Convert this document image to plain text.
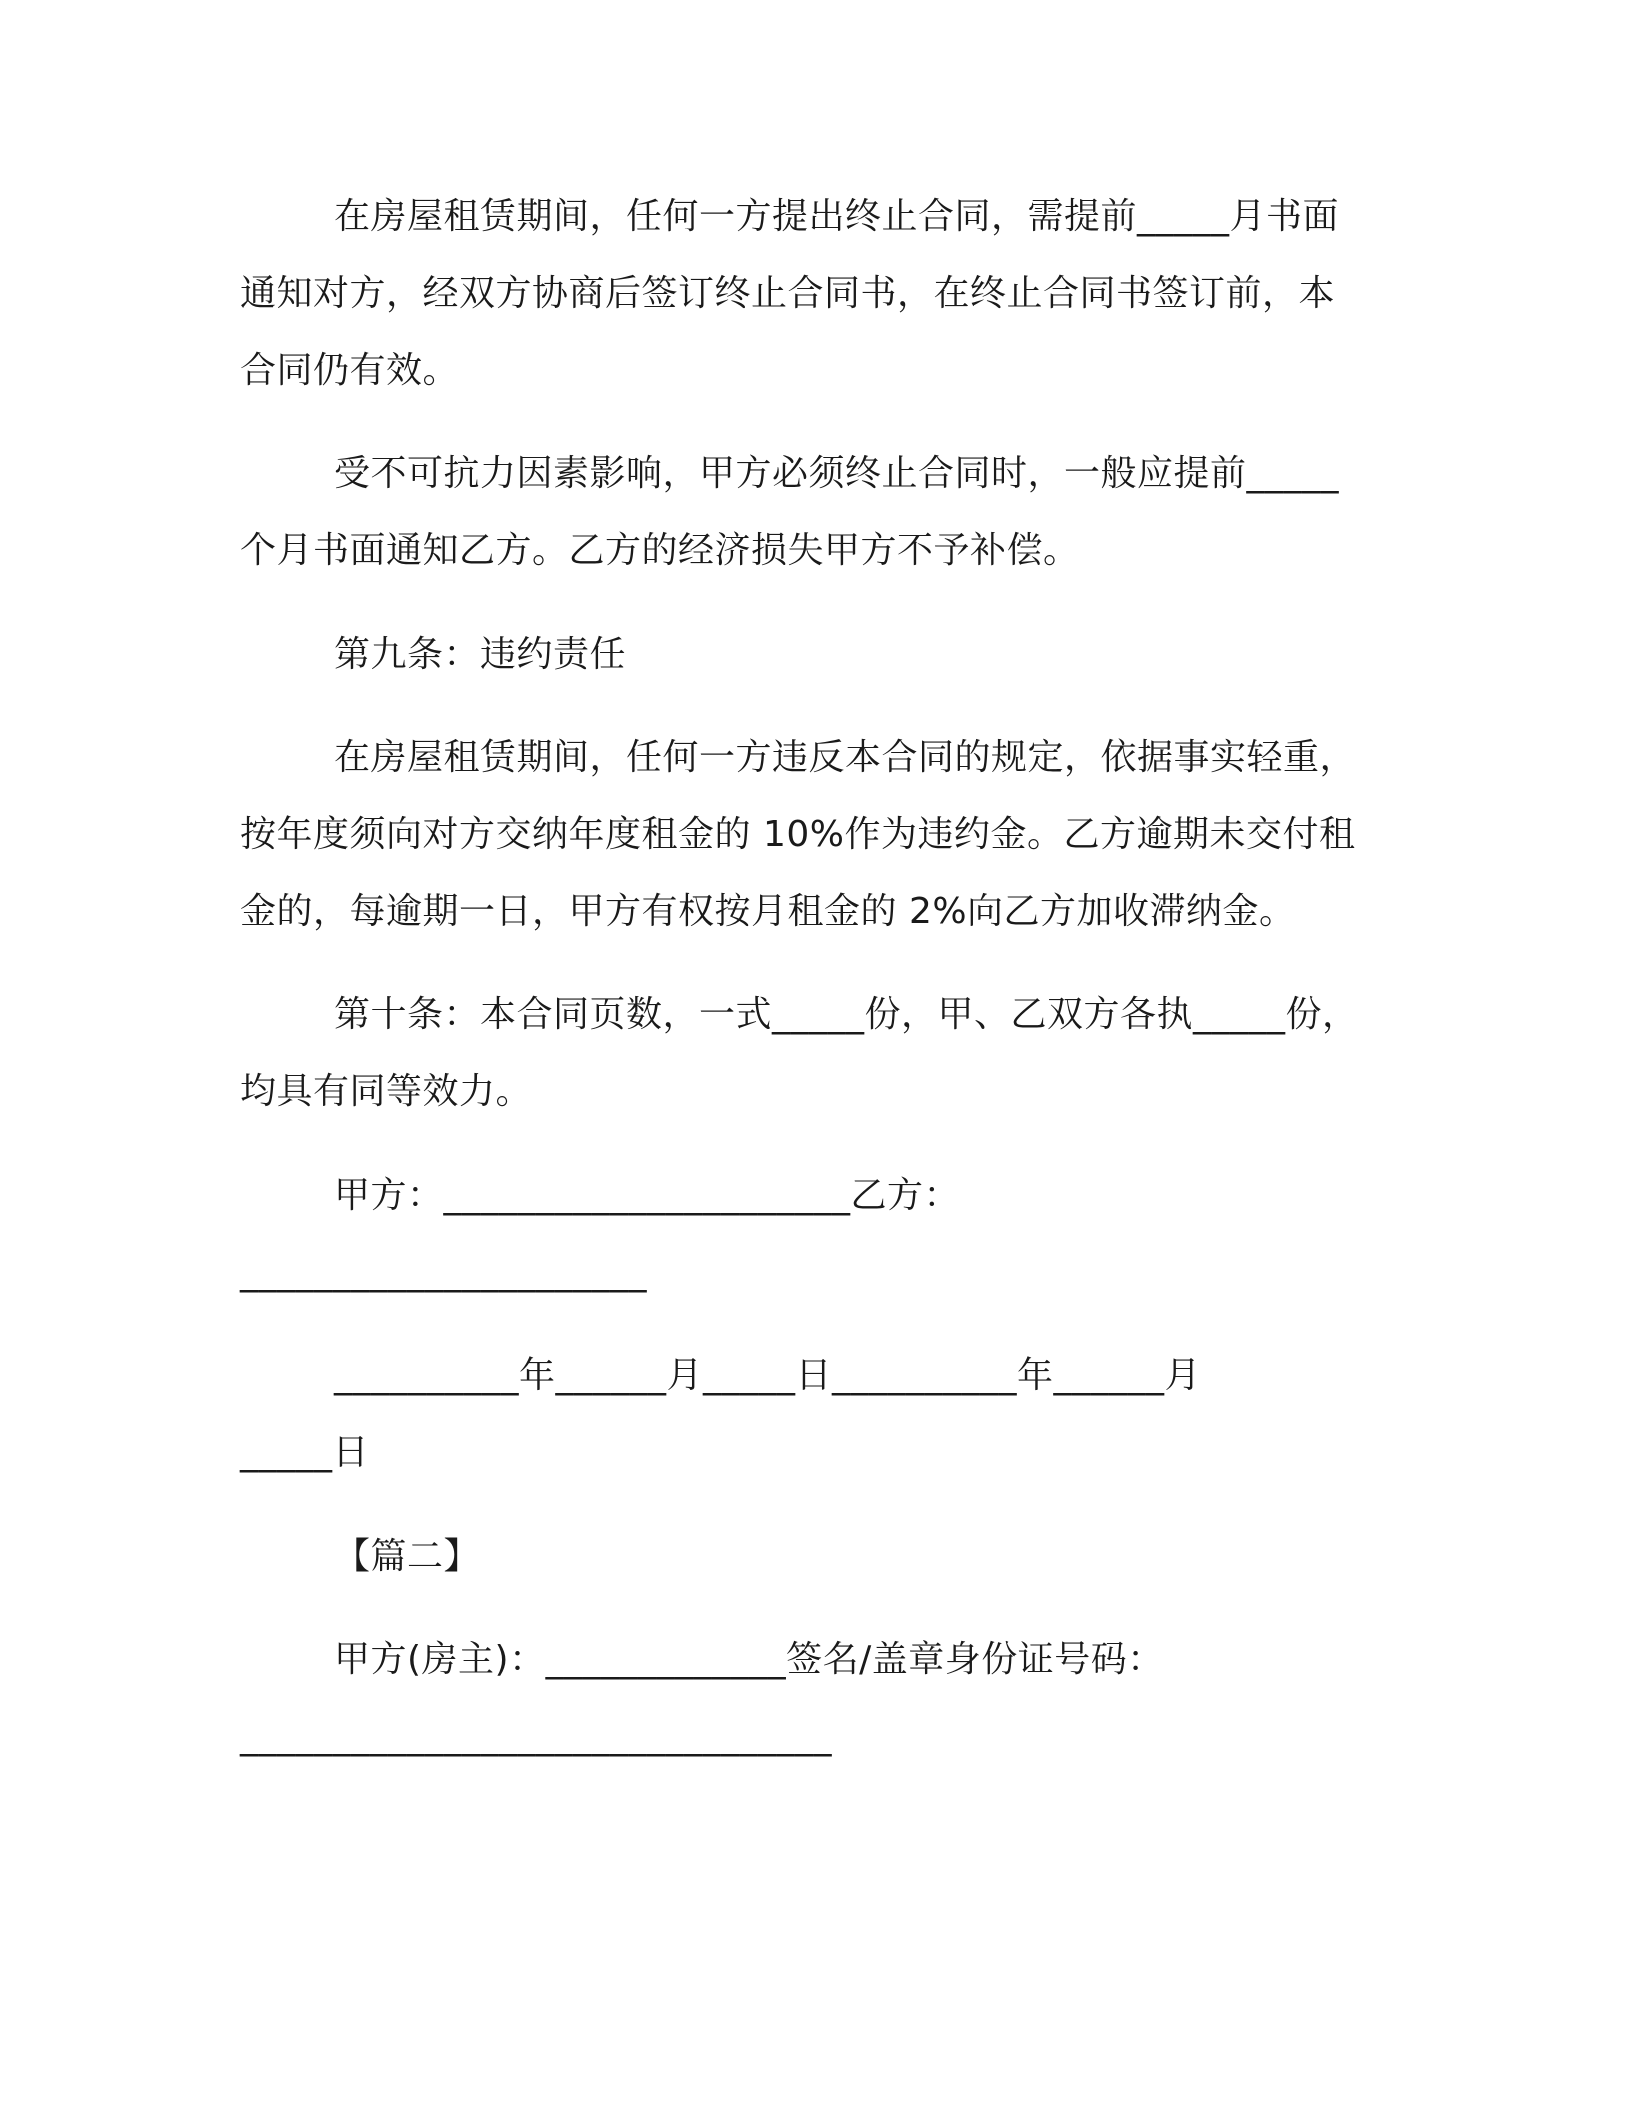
在房屋租赁期间，任何一方提出终止合同，需提前_____月书面
通知对方，经双方协商后签订终止合同书，在终止合同书签订前，本
合同仍有效。
受不可抗力因素影响，甲方必须终止合同时，一般应提前_____
个月书面通知乙方。乙方的经济损失甲方不予补偿。
第九条：违约责任
在房屋租赁期间，任何一方违反本合同的规定，依据事实轻重，
按年度须向对方交纳年度租金的 10%作为违约金。乙方逾期未交付租
金的，每逾期一日，甲方有权按月租金的 2%向乙方加收滞纳金。
第十条：本合同页数，一式_____份，甲、乙双方各执_____份，
均具有同等效力。
甲方：______________________乙方：
______________________
__________年______月_____日__________年______月
_____日
【篇二】
甲方(房主)：_____________签名/盖章身份证号码：
________________________________
